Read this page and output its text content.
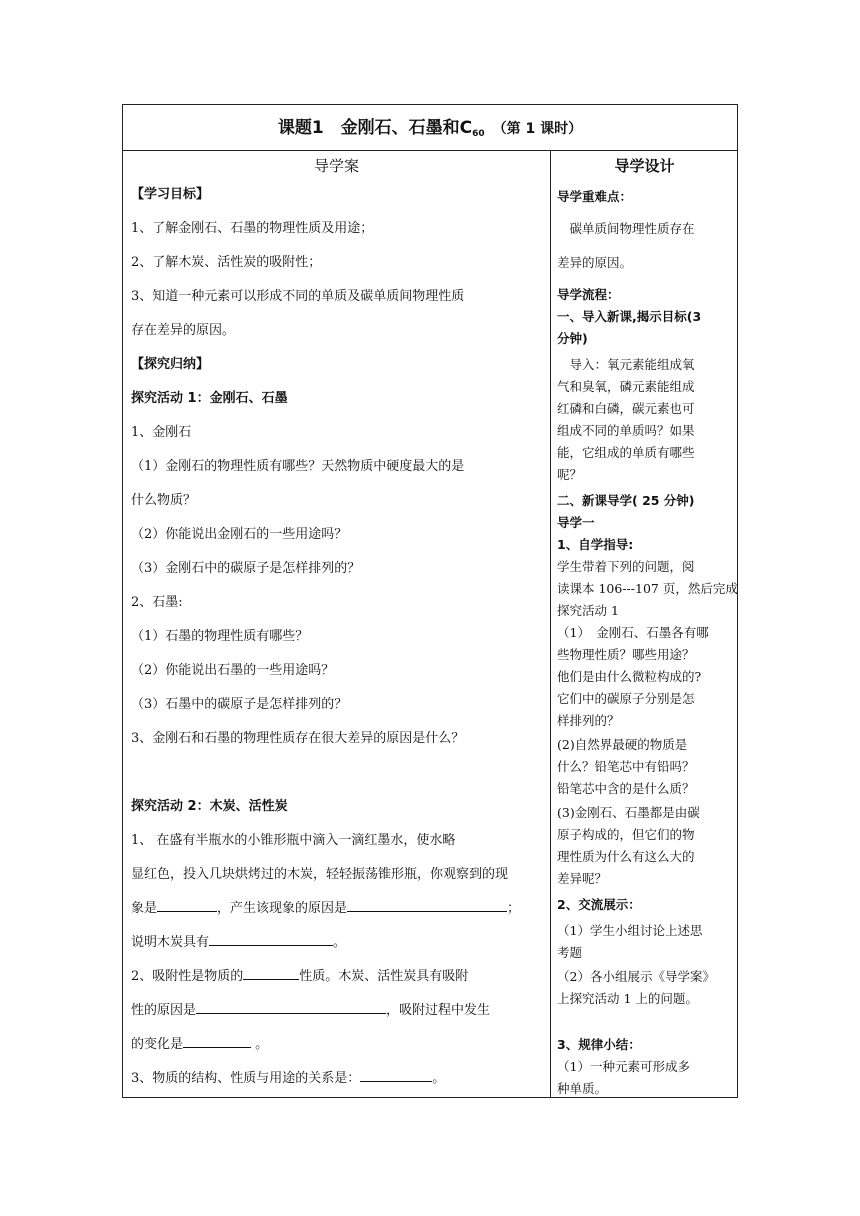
课题1　金刚石、石墨和$C_{60}$ （第 1 课时）
导学案
【学习目标】
1、了解金刚石、石墨的物理性质及用途；
2、了解木炭、活性炭的吸附性；
3、知道一种元素可以形成不同的单质及碳单质间物理性质
存在差异的原因。
【探究归纳】
探究活动 1：金刚石、石墨
1、金刚石
（1）金刚石的物理性质有哪些？天然物质中硬度最大的是
什么物质？
（2）你能说出金刚石的一些用途吗？
（3）金刚石中的碳原子是怎样排列的？
2、石墨:
（1）石墨的物理性质有哪些？
（2）你能说出石墨的一些用途吗？
（3）石墨中的碳原子是怎样排列的？
3、金刚石和石墨的物理性质存在很大差异的原因是什么？
探究活动 2：木炭、活性炭
1、 在盛有半瓶水的小锥形瓶中滴入一滴红墨水，使水略
显红色，投入几块烘烤过的木炭，轻轻振荡锥形瓶，你观察到的现
象是	，产生该现象的原因是	；
说明木炭具有	。
2、吸附性是物质的	性质。木炭、活性炭具有吸附
性的原因是	，吸附过程中发生
的变化是	。
3、物质的结构、性质与用途的关系是：	。
导学设计
导学重难点：
　碳单质间物理性质存在
差异的原因。
导学流程：
一、导入新课,揭示目标(3
分钟)
　导入：氧元素能组成氧
气和臭氧，磷元素能组成
红磷和白磷，碳元素也可
组成不同的单质吗？如果
能，它组成的单质有哪些
呢？
二、新课导学( 25 分钟)
导学一
1、自学指导:
学生带着下列的问题，阅
读课本 106---107 页，然后完成
探究活动 1
（1）　金刚石、石墨各有哪
些物理性质？哪些用途？
他们是由什么微粒构成的?
它们中的碳原子分别是怎
样排列的？
(2)自然界最硬的物质是
什么？铅笔芯中有铅吗？
铅笔芯中含的是什么质？
(3)金刚石、石墨都是由碳
原子构成的，但它们的物
理性质为什么有这么大的
差异呢？
2、交流展示：
（1）学生小组讨论上述思
考题
（2）各小组展示《导学案》
上探究活动 1 上的问题。
3、规律小结：
（1）一种元素可形成多
种单质。
